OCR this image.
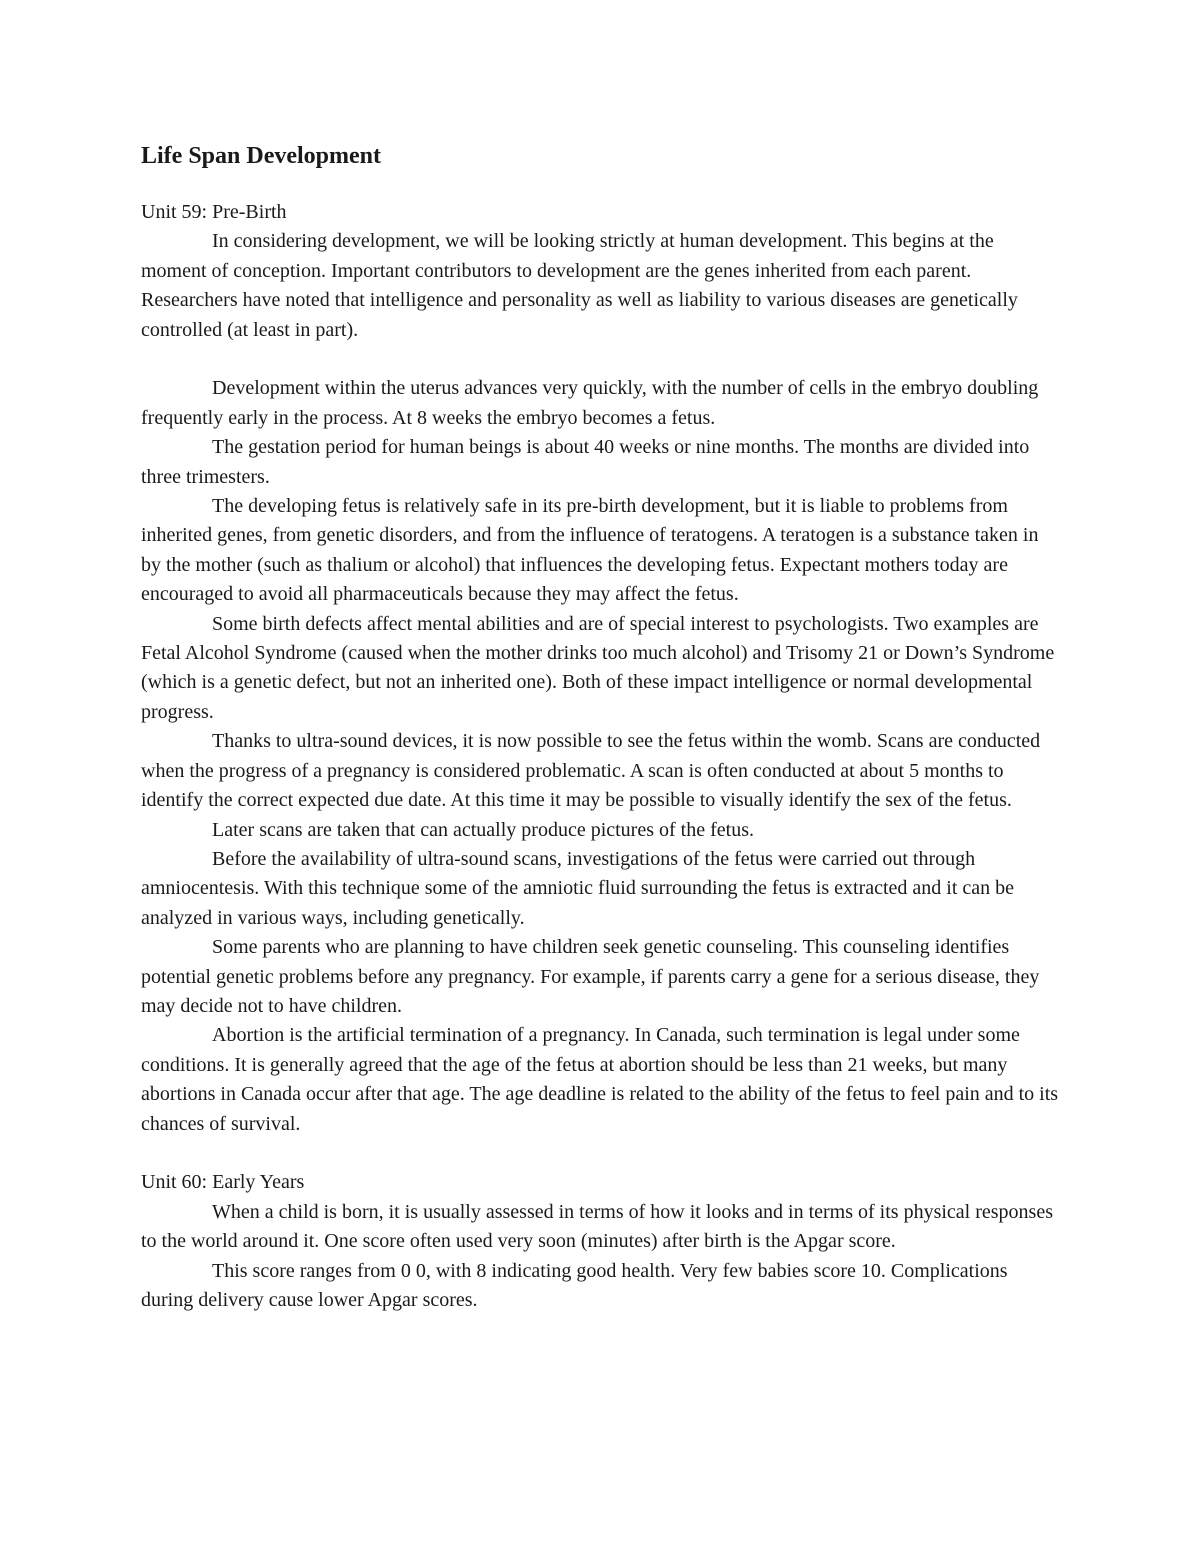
Life Span Development

Unit 59: Pre-Birth

In considering development, we will be looking strictly at human development. This begins at the moment of conception. Important contributors to development are the genes inherited from each parent. Researchers have noted that intelligence and personality as well as liability to various diseases are genetically controlled (at least in part).

Development within the uterus advances very quickly, with the number of cells in the embryo doubling frequently early in the process. At 8 weeks the embryo becomes a fetus.

The gestation period for human beings is about 40 weeks or nine months. The months are divided into three trimesters.

The developing fetus is relatively safe in its pre-birth development, but it is liable to problems from inherited genes, from genetic disorders, and from the influence of teratogens. A teratogen is a substance taken in by the mother (such as thalium or alcohol) that influences the developing fetus. Expectant mothers today are encouraged to avoid all pharmaceuticals because they may affect the fetus.

Some birth defects affect mental abilities and are of special interest to psychologists. Two examples are Fetal Alcohol Syndrome (caused when the mother drinks too much alcohol) and Trisomy 21 or Down’s Syndrome (which is a genetic defect, but not an inherited one). Both of these impact intelligence or normal developmental progress.

Thanks to ultra-sound devices, it is now possible to see the fetus within the womb. Scans are conducted when the progress of a pregnancy is considered problematic. A scan is often conducted at about 5 months to identify the correct expected due date. At this time it may be possible to visually identify the sex of the fetus.

Later scans are taken that can actually produce pictures of the fetus.

Before the availability of ultra-sound scans, investigations of the fetus were carried out through amniocentesis. With this technique some of the amniotic fluid surrounding the fetus is extracted and it can be analyzed in various ways, including genetically.

Some parents who are planning to have children seek genetic counseling. This counseling identifies potential genetic problems before any pregnancy. For example, if parents carry a gene for a serious disease, they may decide not to have children.

Abortion is the artificial termination of a pregnancy. In Canada, such termination is legal under some conditions. It is generally agreed that the age of the fetus at abortion should be less than 21 weeks, but many abortions in Canada occur after that age. The age deadline is related to the ability of the fetus to feel pain and to its chances of survival.

Unit 60: Early Years

When a child is born, it is usually assessed in terms of how it looks and in terms of its physical responses to the world around it. One score often used very soon (minutes) after birth is the Apgar score.

This score ranges from 0 0, with 8 indicating good health. Very few babies score 10. Complications during delivery cause lower Apgar scores.
